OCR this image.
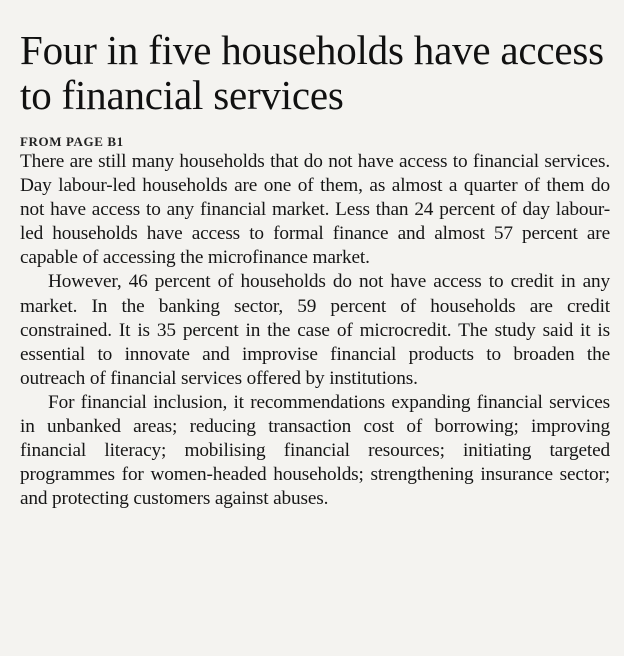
Four in five households have access to financial services
FROM PAGE B1

There are still many households that do not have access to financial services. Day labour-led households are one of them, as almost a quarter of them do not have access to any financial market. Less than 24 percent of day labour-led households have access to formal finance and almost 57 percent are capable of accessing the microfinance market.

However, 46 percent of households do not have access to credit in any market. In the banking sector, 59 percent of households are credit constrained. It is 35 percent in the case of microcredit. The study said it is essential to innovate and improvise financial products to broaden the outreach of financial services offered by institutions.

For financial inclusion, it recommendations expanding financial services in unbanked areas; reducing transaction cost of borrowing; improving financial literacy; mobilising financial resources; initiating targeted programmes for women-headed households; strengthening insurance sector; and protecting customers against abuses.
